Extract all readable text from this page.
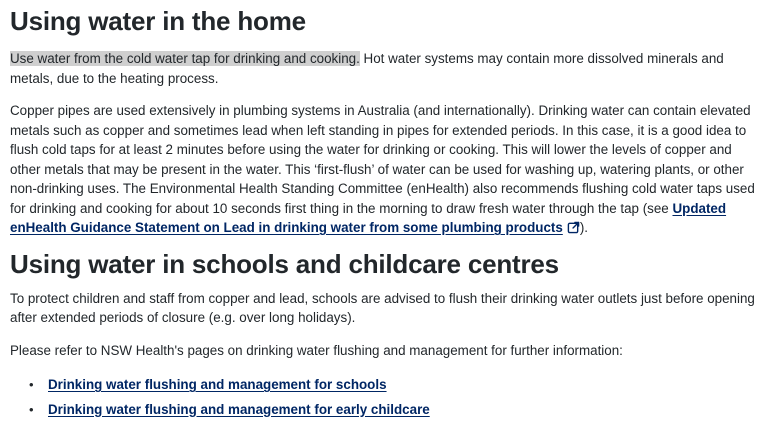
Using water in the home

Use water from the cold water tap for drinking and cooking. Hot water systems may contain more dissolved minerals and metals, due to the heating process.

Copper pipes are used extensively in plumbing systems in Australia (and internationally). Drinking water can contain elevated metals such as copper and sometimes lead when left standing in pipes for extended periods. In this case, it is a good idea to flush cold taps for at least 2 minutes before using the water for drinking or cooking. This will lower the levels of copper and other metals that may be present in the water. This ‘first-flush’ of water can be used for washing up, watering plants, or other non-drinking uses. The Environmental Health Standing Committee (enHealth) also recommends flushing cold water taps used for drinking and cooking for about 10 seconds first thing in the morning to draw fresh water through the tap (see Updated enHealth Guidance Statement on Lead in drinking water from some plumbing products ).

Using water in schools and childcare centres

To protect children and staff from copper and lead, schools are advised to flush their drinking water outlets just before opening after extended periods of closure (e.g. over long holidays).

Please refer to NSW Health's pages on drinking water flushing and management for further information:

• Drinking water flushing and management for schools
• Drinking water flushing and management for early childcare
